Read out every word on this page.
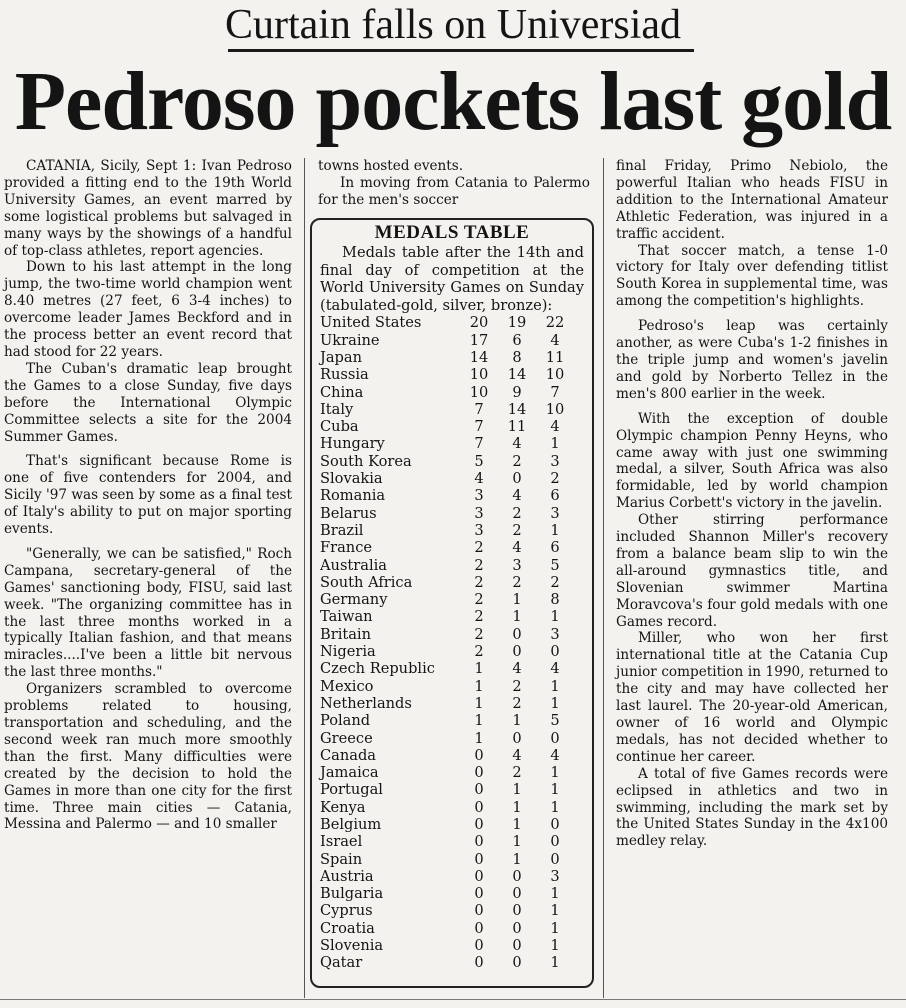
Curtain falls on Universiad
Pedroso pockets last gold

CATANIA, Sicily, Sept 1: Ivan Pedroso provided a fitting end to the 19th World University Games, an event marred by some logistical problems but salvaged in many ways by the showings of a handful of top-class athletes, report agencies.

Down to his last attempt in the long jump, the two-time world champion went 8.40 metres (27 feet, 6 3-4 inches) to overcome leader James Beckford and in the process better an event record that had stood for 22 years.

The Cuban's dramatic leap brought the Games to a close Sunday, five days before the International Olympic Committee selects a site for the 2004 Summer Games.

That's significant because Rome is one of five contenders for 2004, and Sicily '97 was seen by some as a final test of Italy's ability to put on major sporting events.

"Generally, we can be satisfied," Roch Campana, secretary-general of the Games' sanctioning body, FISU, said last week. "The organizing committee has in the last three months worked in a typically Italian fashion, and that means miracles....I've been a little bit nervous the last three months."

Organizers scrambled to overcome problems related to housing, transportation and scheduling, and the second week ran much more smoothly than the first. Many difficulties were created by the decision to hold the Games in more than one city for the first time. Three main cities — Catania, Messina and Palermo — and 10 smaller

towns hosted events.

In moving from Catania to Palermo for the men's soccer

MEDALS TABLE

Medals table after the 14th and final day of competition at the World University Games on Sunday (tabulated-gold, silver, bronze):

United States	20	19	22
Ukraine	17	6	4
Japan	14	8	11
Russia	10	14	10
China	10	9	7
Italy	7	14	10
Cuba	7	11	4
Hungary	7	4	1
South Korea	5	2	3
Slovakia	4	0	2
Romania	3	4	6
Belarus	3	2	3
Brazil	3	2	1
France	2	4	6
Australia	2	3	5
South Africa	2	2	2
Germany	2	1	8
Taiwan	2	1	1
Britain	2	0	3
Nigeria	2	0	0
Czech Republic	1	4	4
Mexico	1	2	1
Netherlands	1	2	1
Poland	1	1	5
Greece	1	0	0
Canada	0	4	4
Jamaica	0	2	1
Portugal	0	1	1
Kenya	0	1	1
Belgium	0	1	0
Israel	0	1	0
Spain	0	1	0
Austria	0	0	3
Bulgaria	0	0	1
Cyprus	0	0	1
Croatia	0	0	1
Slovenia	0	0	1
Qatar	0	0	1

final Friday, Primo Nebiolo, the powerful Italian who heads FISU in addition to the International Amateur Athletic Federation, was injured in a traffic accident.

That soccer match, a tense 1-0 victory for Italy over defending titlist South Korea in supplemental time, was among the competition's highlights.

Pedroso's leap was certainly another, as were Cuba's 1-2 finishes in the triple jump and women's javelin and gold by Norberto Tellez in the men's 800 earlier in the week.

With the exception of double Olympic champion Penny Heyns, who came away with just one swimming medal, a silver, South Africa was also formidable, led by world champion Marius Corbett's victory in the javelin.

Other stirring performance included Shannon Miller's recovery from a balance beam slip to win the all-around gymnastics title, and Slovenian swimmer Martina Moravcova's four gold medals with one Games record.

Miller, who won her first international title at the Catania Cup junior competition in 1990, returned to the city and may have collected her last laurel. The 20-year-old American, owner of 16 world and Olympic medals, has not decided whether to continue her career.

A total of five Games records were eclipsed in athletics and two in swimming, including the mark set by the United States Sunday in the 4x100 medley relay.
